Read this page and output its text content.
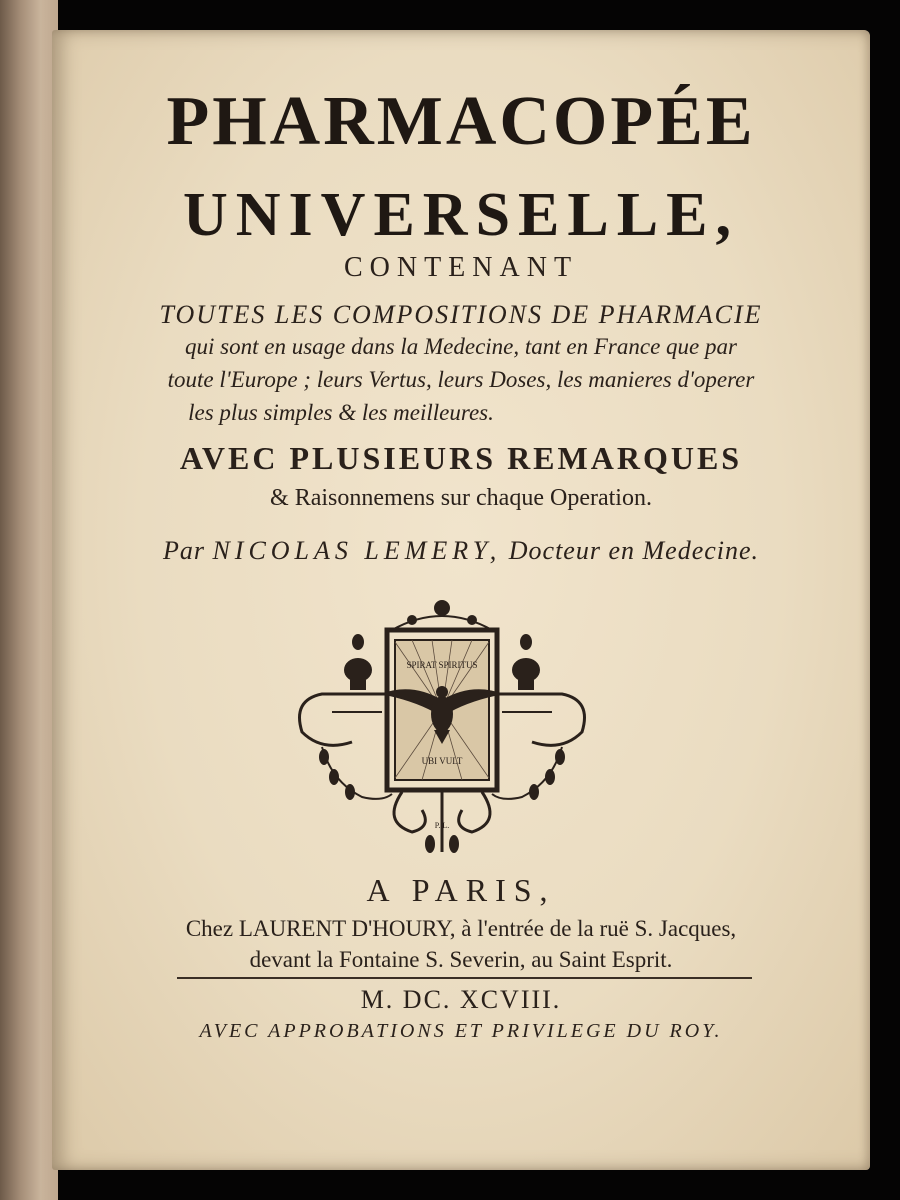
PHARMACOPÉE
UNIVERSELLE,
CONTENANT
TOUTES LES COMPOSITIONS DE PHARMACIE
qui sont en usage dans la Medecine, tant en France que par
toute l'Europe ; leurs Vertus, leurs Doses, les manieres d'operer
les plus simples & les meilleures.
AVEC PLUSIEURS REMARQUES
& Raisonnemens sur chaque Operation.
Par NICOLAS LEMERY, Docteur en Medecine.
SPIRAT SPIRITUS
UBI VULT
P. L.
A PARIS,
Chez LAURENT D'HOURY, à l'entrée de la ruë S. Jacques,
devant la Fontaine S. Severin, au Saint Esprit.
M. DC. XCVIII.
AVEC APPROBATIONS ET PRIVILEGE DU ROY.
